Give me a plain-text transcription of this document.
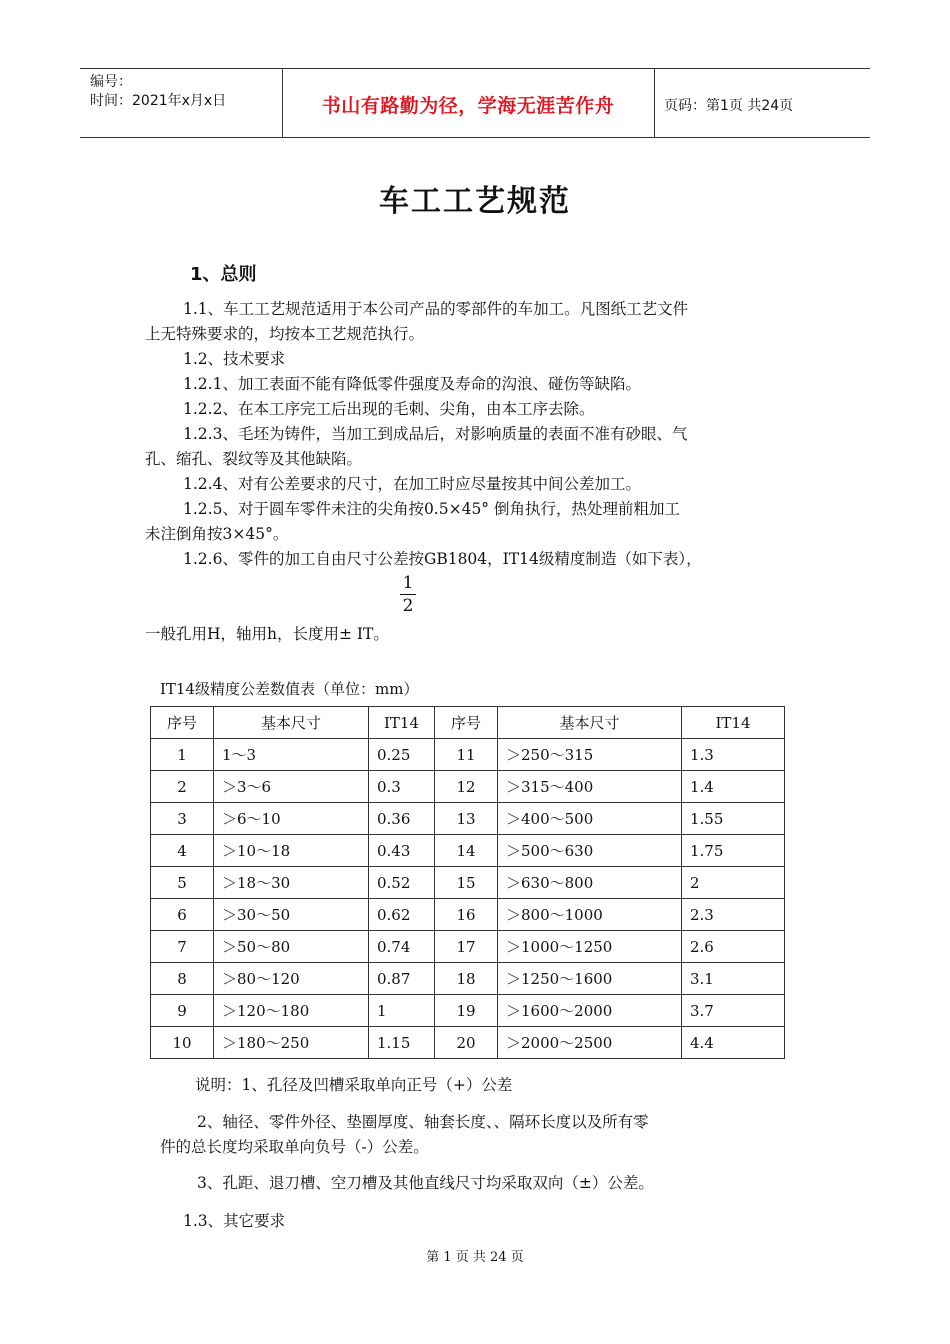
编号：
时间：2021年x月x日	书山有路勤为径，学海无涯苦作舟	页码：第1页 共24页
车工工艺规范
1、总则
1.1、车工工艺规范适用于本公司产品的零部件的车加工。凡图纸工艺文件
上无特殊要求的，均按本工艺规范执行。
1.2、技术要求
1.2.1、加工表面不能有降低零件强度及寿命的沟浪、碰伤等缺陷。
1.2.2、在本工序完工后出现的毛刺、尖角，由本工序去除。
1.2.3、毛坯为铸件，当加工到成品后，对影响质量的表面不准有砂眼、气
孔、缩孔、裂纹等及其他缺陷。
1.2.4、对有公差要求的尺寸，在加工时应尽量按其中间公差加工。
1.2.5、对于圆车零件未注的尖角按0.5×45° 倒角执行，热处理前粗加工
未注倒角按3×45°。
1.2.6、零件的加工自由尺寸公差按GB1804，IT14级精度制造（如下表），
1
2
一般孔用H，轴用h，长度用± IT。
IT14级精度公差数值表（单位：mm）
序号	基本尺寸	IT14	序号	基本尺寸	IT14
1	1～3	0.25	11	＞250～315	1.3
2	＞3～6	0.3	12	＞315～400	1.4
3	＞6～10	0.36	13	＞400～500	1.55
4	＞10～18	0.43	14	＞500～630	1.75
5	＞18～30	0.52	15	＞630～800	2
6	＞30～50	0.62	16	＞800～1000	2.3
7	＞50～80	0.74	17	＞1000～1250	2.6
8	＞80～120	0.87	18	＞1250～1600	3.1
9	＞120～180	1	19	＞1600～2000	3.7
10	＞180～250	1.15	20	＞2000～2500	4.4
说明：1、孔径及凹槽采取单向正号（+）公差
2、轴径、零件外径、垫圈厚度、轴套长度、、隔环长度以及所有零
件的总长度均采取单向负号（-）公差。
3、孔距、退刀槽、空刀槽及其他直线尺寸均采取双向（±）公差。
1.3、其它要求
第 1 页 共 24 页
